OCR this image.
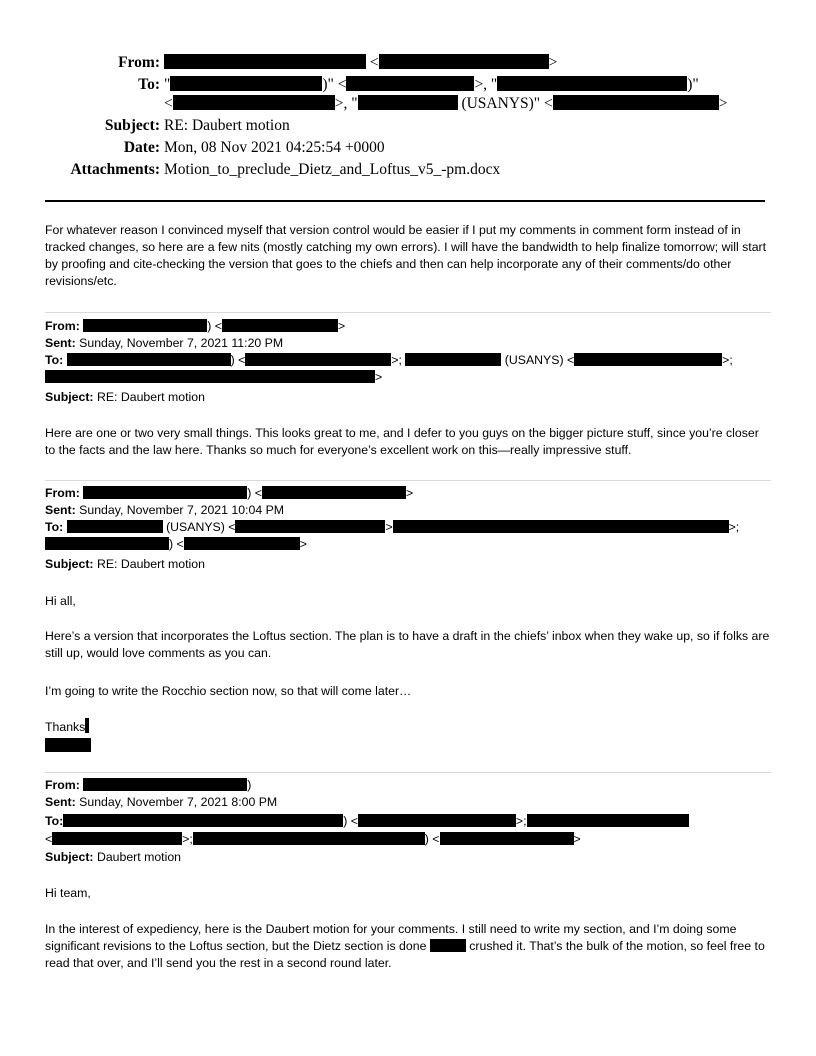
From:	<	>
To: "	)" <	>, "	)"
<	>, "	(USANYS)" <	>
Subject: RE: Daubert motion
Date: Mon, 08 Nov 2021 04:25:54 +0000
Attachments: Motion_to_preclude_Dietz_and_Loftus_v5_-pm.docx
For whatever reason I convinced myself that version control would be easier if I put my comments in comment form instead of in tracked changes, so here are a few nits (mostly catching my own errors). I will have the bandwidth to help finalize tomorrow; will start by proofing and cite-checking the version that goes to the chiefs and then can help incorporate any of their comments/do other revisions/etc.
From:	) <	>
Sent: Sunday, November 7, 2021 11:20 PM
To:	) <	>;	(USANYS) <	>;
>
Subject: RE: Daubert motion
Here are one or two very small things. This looks great to me, and I defer to you guys on the bigger picture stuff, since you’re closer to the facts and the law here. Thanks so much for everyone’s excellent work on this—really impressive stuff.
From:	) <	>
Sent: Sunday, November 7, 2021 10:04 PM
To:	(USANYS) <	>	>;
) <	>
Subject: RE: Daubert motion
Hi all,
Here’s a version that incorporates the Loftus section. The plan is to have a draft in the chiefs’ inbox when they wake up, so if folks are still up, would love comments as you can.
I’m going to write the Rocchio section now, so that will come later…
Thanks
From:	)
Sent: Sunday, November 7, 2021 8:00 PM
To:	) <	>;
<	>;	) <	>
Subject: Daubert motion
Hi team,
In the interest of expediency, here is the Daubert motion for your comments. I still need to write my section, and I’m doing some significant revisions to the Loftus section, but the Dietz section is done	crushed it. That’s the bulk of the motion, so feel free to read that over, and I’ll send you the rest in a second round later.
